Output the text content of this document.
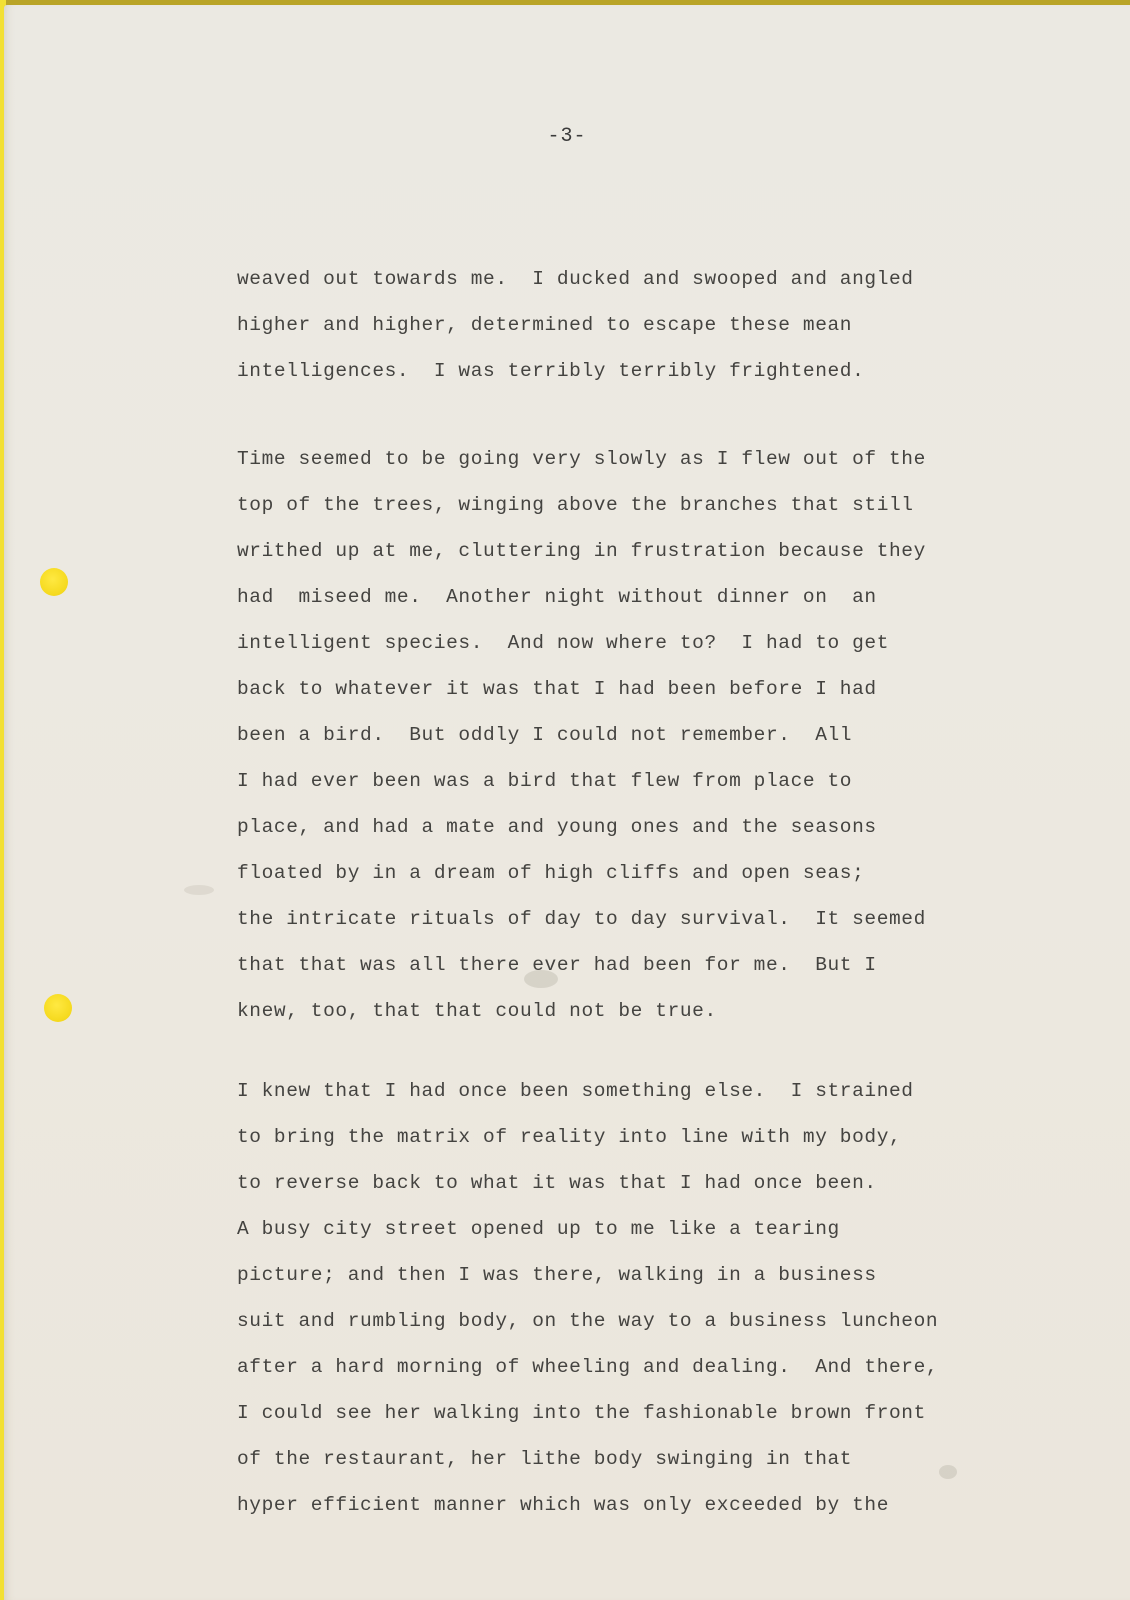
-3-
weaved out towards me.  I ducked and swooped and angled
higher and higher, determined to escape these mean
intelligences.  I was terribly terribly frightened.
Time seemed to be going very slowly as I flew out of the
top of the trees, winging above the branches that still
writhed up at me, cluttering in frustration because they
had  miseed me.  Another night without dinner on  an
intelligent species.  And now where to?  I had to get
back to whatever it was that I had been before I had
been a bird.  But oddly I could not remember.  All
I had ever been was a bird that flew from place to
place, and had a mate and young ones and the seasons
floated by in a dream of high cliffs and open seas;
the intricate rituals of day to day survival.  It seemed
that that was all there ever had been for me.  But I
knew, too, that that could not be true.
I knew that I had once been something else.  I strained
to bring the matrix of reality into line with my body,
to reverse back to what it was that I had once been.
A busy city street opened up to me like a tearing
picture; and then I was there, walking in a business
suit and rumbling body, on the way to a business luncheon
after a hard morning of wheeling and dealing.  And there,
I could see her walking into the fashionable brown front
of the restaurant, her lithe body swinging in that
hyper efficient manner which was only exceeded by the
